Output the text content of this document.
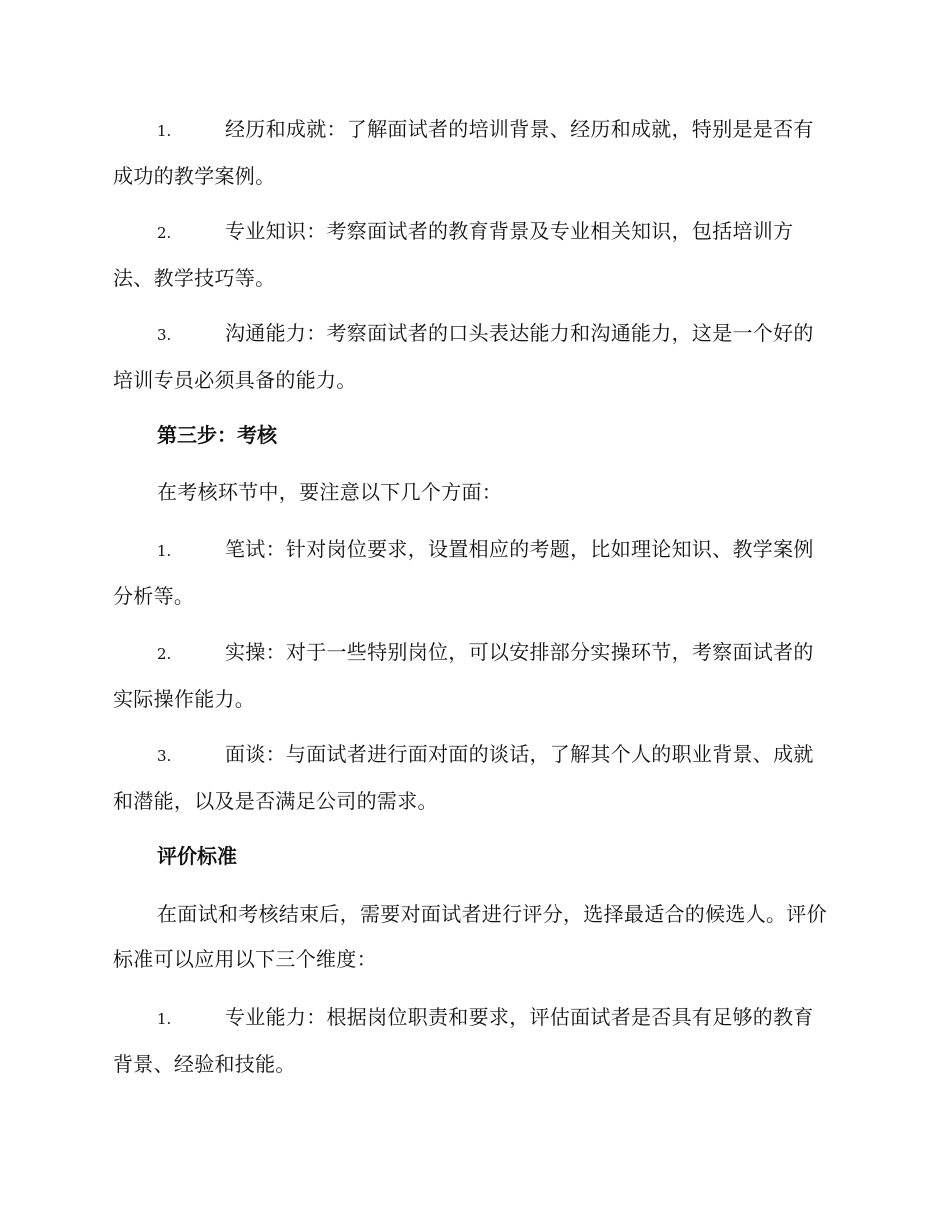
1.	经历和成就：了解面试者的培训背景、经历和成就，特别是是否有成功的教学案例。

2.	专业知识：考察面试者的教育背景及专业相关知识，包括培训方法、教学技巧等。

3.	沟通能力：考察面试者的口头表达能力和沟通能力，这是一个好的培训专员必须具备的能力。

第三步：考核

在考核环节中，要注意以下几个方面：

1.	笔试：针对岗位要求，设置相应的考题，比如理论知识、教学案例分析等。

2.	实操：对于一些特别岗位，可以安排部分实操环节，考察面试者的实际操作能力。

3.	面谈：与面试者进行面对面的谈话，了解其个人的职业背景、成就和潜能，以及是否满足公司的需求。

评价标准

在面试和考核结束后，需要对面试者进行评分，选择最适合的候选人。评价标准可以应用以下三个维度：

1.	专业能力：根据岗位职责和要求，评估面试者是否具有足够的教育背景、经验和技能。
